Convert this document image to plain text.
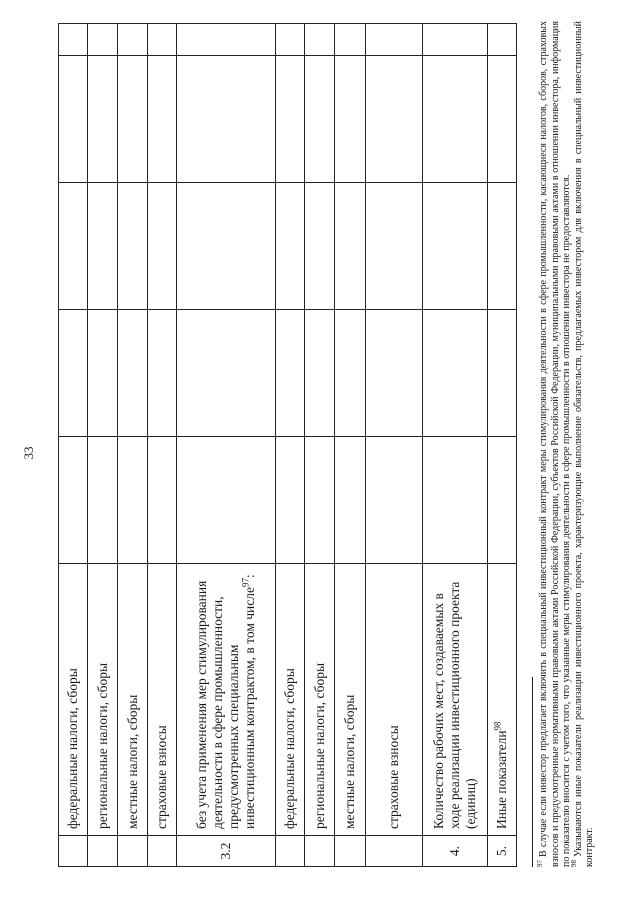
33
	федеральные налоги, сборы					
	региональные налоги, сборы					
	местные налоги, сборы					
	страховые взносы					
3.2	без учета применения мер стимулирования деятельности в сфере промышленности, предусмотренных специальным инвестиционным контрактом, в том числе$^{97}$:					
	федеральные налоги, сборы					
	региональные налоги, сборы					
	местные налоги, сборы					
	страховые взносы					
4.	Количество рабочих мест, создаваемых в ходе реализации инвестиционного проекта (единиц)					
5.	Иные показатели$^{98}$					

$^{97}$В случае если инвестор предлагает включить в специальный инвестиционный контракт меры стимулирования деятельности в сфере промышленности, касающиеся налогов, сборов, страховых взносов и предусмотренные нормативными правовыми актами Российской Федерации, субъектов Российской Федерации, муниципальными правовыми актами в отношении инвестора, информация по показателю вносится с учетом того, что указанные меры стимулирования деятельности в сфере промышленности в отношении инвестора не предоставляются.

$^{98}$Указываются иные показатели реализации инвестиционного проекта, характеризующие выполнение обязательств, предлагаемых инвестором для включения в специальный инвестиционный контракт.
